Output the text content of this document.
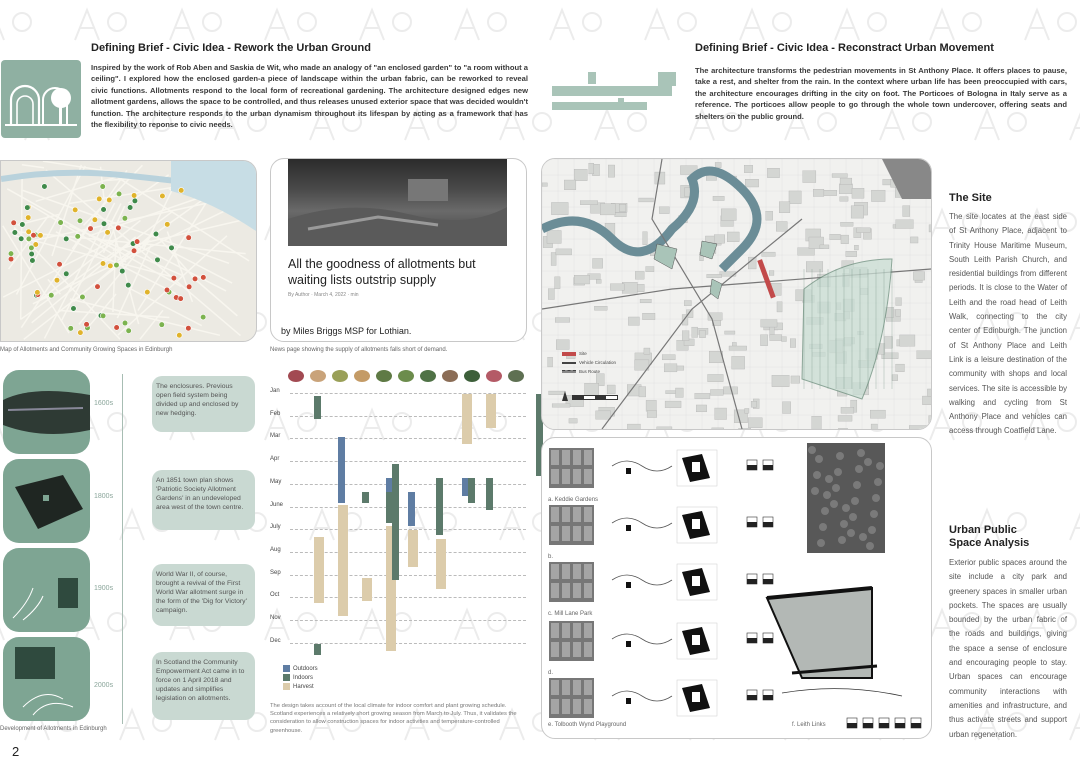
Defining Brief - Civic Idea - Rework the Urban Ground
Inspired by the work of Rob Aben and Saskia de Wit, who made an analogy of "an enclosed garden" to "a room without a ceiling". I explored how the enclosed garden-a piece of landscape within the urban fabric, can be reworked to reveal civic functions. Allotments respond to the local form of recreational gardening. The architecture designed edges new allotment gardens, allows the space to be controlled, and thus releases unused exterior space that was decided wouldn't function. The architecture responds to the urban dynamism throughout its lifespan by acting as a framework that has the flexibility to reponse to civic needs.
Defining Brief - Civic Idea - Reconstract Urban Movement
The architecture transforms the pedestrian movements in St Anthony Place. It offers places to pause, take a rest, and shelter from the rain. In the context where urban life has been preoccupied with cars, the architecture encourages drifting in the city on foot. The Porticoes of Bologna in Italy serve as a reference. The porticoes allow people to go through the whole town undercover, offering seats and shelters on the public ground.
Map of Allotments and Community Growing Spaces in Edinburgh
All the goodness of allotments but waiting lists outstrip supply
By Author · March 4, 2022 · min
by Miles Briggs MSP for Lothian.
News page showing the supply of allotments falls short of demand.
1600s
1800s
1900s
2000s
The enclosures. Previous open field system being divided up and enclosed by new hedging.
An 1851 town plan shows 'Patriotic Society Allotment Gardens' in an undeveloped area west of the town centre.
World War II, of course, brought a revival of the First World War allotment surge in the form of the 'Dig for Victory' campaign.
In Scotland the Community Empowerment Act came in to force on 1 April 2018 and updates and simplifies legislation on allotments.
Development of Allotments in Edinburgh
Jan
Feb
Mar
Apr
May
June
July
Aug
Sep
Oct
Nov
Dec
Outdoors
Indoors
Harvest
The design takes account of the local climate for indoor comfort and plant growing schedule. Scotland experiences a relatively short growing season from March to July. Thus, it validates the consideration to allow construction spaces for indoor activities and temperature-controlled greenhouse.
Site
Vehicle Circulation
Bus Route
The Site
The site locates at the east side of St Anthony Place, adjacent to Trinity House Maritime Museum, South Leith Parish Church, and residential buildings from different periods. It is close to the Water of Leith and the road head of Leith Walk, connecting to the city center of Edinburgh. The junction of St Anthony Place and Leith Link is a leisure destination of the community with shops and local services. The site is accessible by walking and cycling from St Anthony Place and vehicles can access through Coatfield Lane.
a. Keddie Gardens
b.
c. Mill Lane Park
d.
e. Tolbooth Wynd Playground	f. Leith Links
Urban Public
Space Analysis
Exterior public spaces around the site include a city park and greenery spaces in smaller urban pockets. The spaces are usually bounded by the urban fabric of the roads and buildings, giving the space a sense of enclosure and encouraging people to stay. Urban spaces can encourage community interactions with amenities and infrastructure, and thus activate streets and support urban regeneration.
2
